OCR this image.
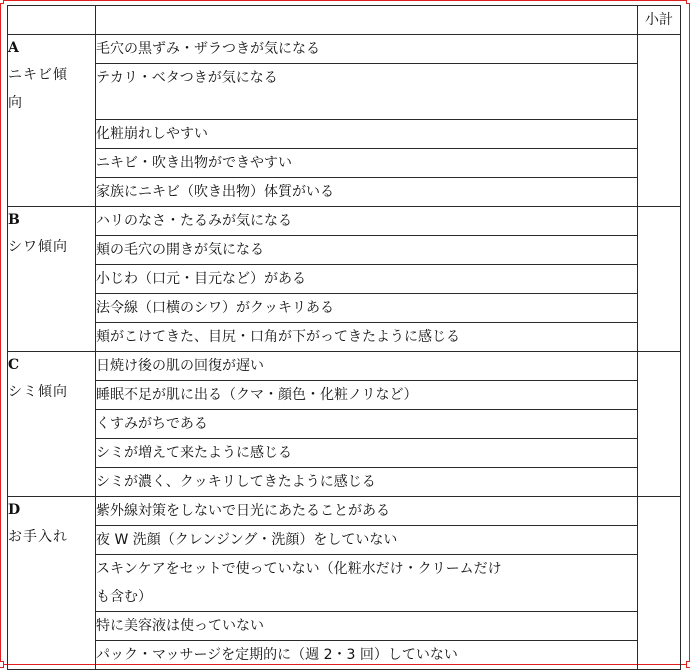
		小計

A
ニキビ傾
向	毛穴の黒ずみ・ザラつきが気になる	
	テカリ・ベタつきが気になる	
	化粧崩れしやすい	
	ニキビ・吹き出物ができやすい	
	家族にニキビ（吹き出物）体質がいる	

B
シワ傾向	ハリのなさ・たるみが気になる	
	頬の毛穴の開きが気になる	
	小じわ（口元・目元など）がある	
	法令線（口横のシワ）がクッキリある	
	頬がこけてきた、目尻・口角が下がってきたように感じる	

C
シミ傾向	日焼け後の肌の回復が遅い	
	睡眠不足が肌に出る（クマ・顔色・化粧ノリなど）	
	くすみがちである	
	シミが増えて来たように感じる	
	シミが濃く、クッキリしてきたように感じる	

D
お手入れ	紫外線対策をしないで日光にあたることがある	
	夜 W 洗顔（クレンジング・洗顔）をしていない	

	スキンケアをセットで使っていない（化粧水だけ・クリームだけ
も含む）	

	特に美容液は使っていない	
	パック・マッサージを定期的に（週 2・3 回）していない	
